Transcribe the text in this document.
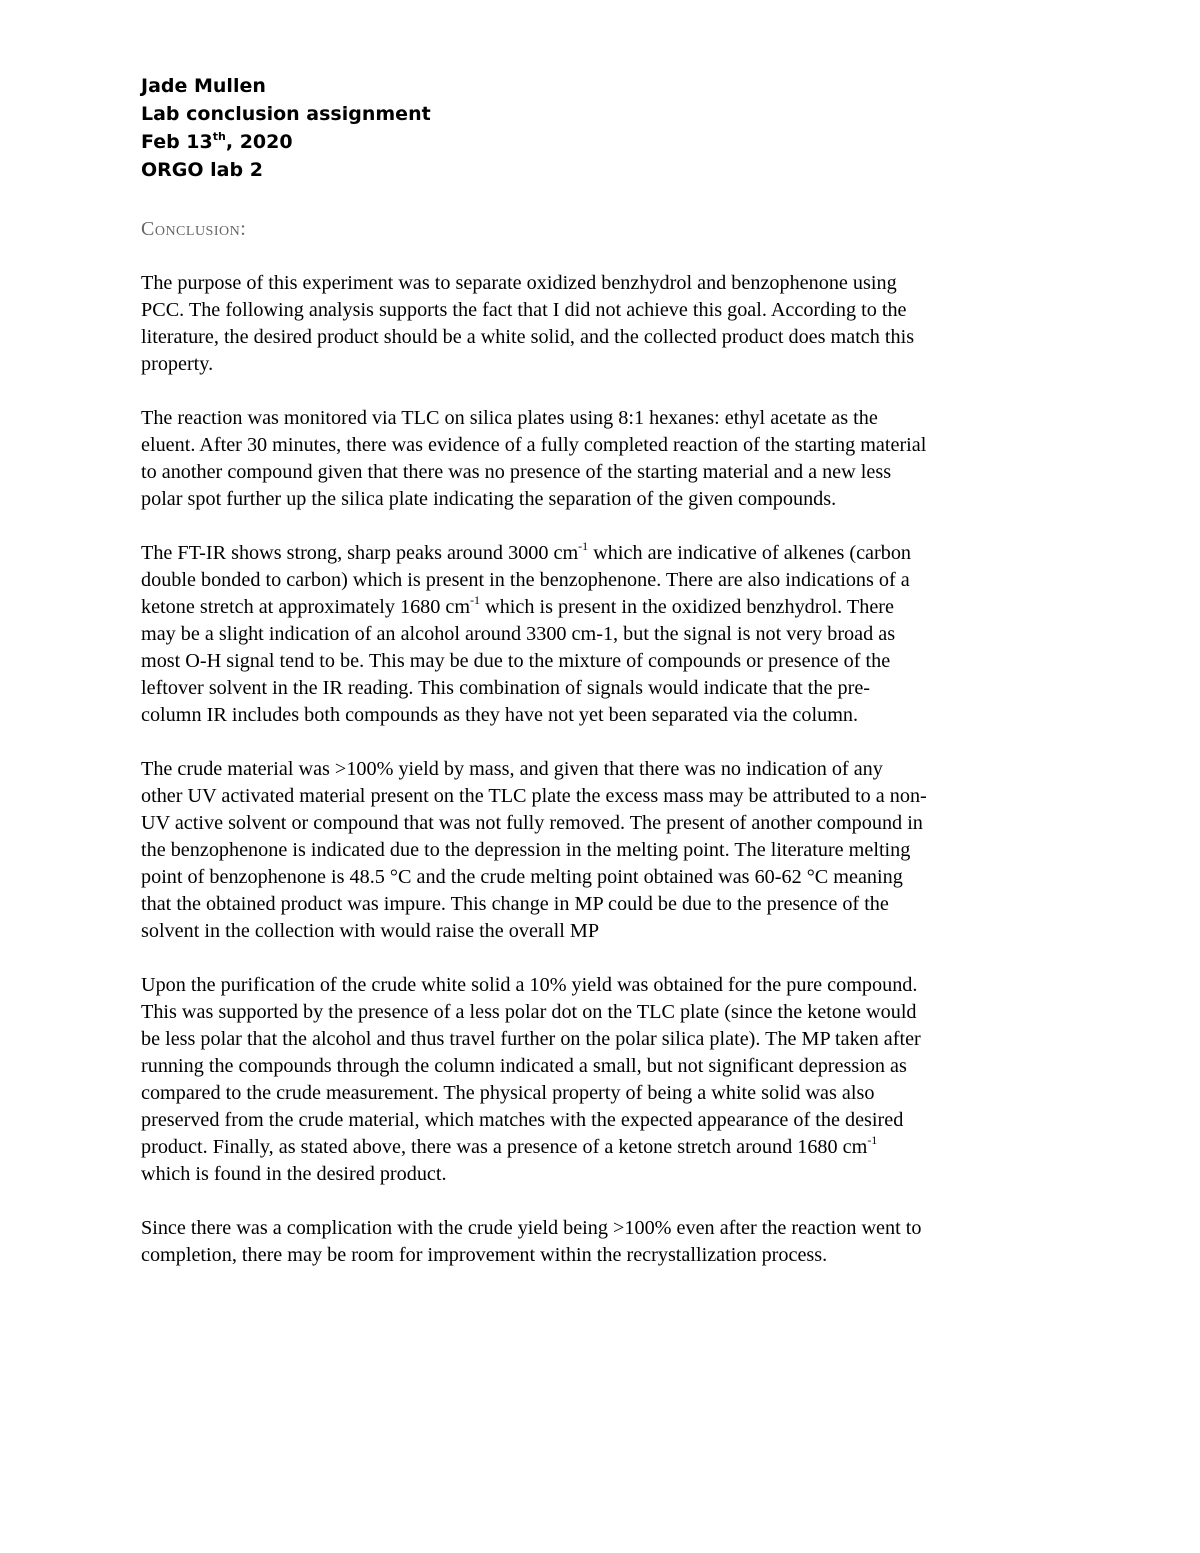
Jade Mullen
Lab conclusion assignment
Feb 13th, 2020
ORGO lab 2
Conclusion:

The purpose of this experiment was to separate oxidized benzhydrol and benzophenone using
PCC. The following analysis supports the fact that I did not achieve this goal. According to the
literature, the desired product should be a white solid, and the collected product does match this
property.

The reaction was monitored via TLC on silica plates using 8:1 hexanes: ethyl acetate as the
eluent. After 30 minutes, there was evidence of a fully completed reaction of the starting material
to another compound given that there was no presence of the starting material and a new less
polar spot further up the silica plate indicating the separation of the given compounds.

The FT-IR shows strong, sharp peaks around 3000 $cm^{-1}$ which are indicative of alkenes (carbon
double bonded to carbon) which is present in the benzophenone. There are also indications of a
ketone stretch at approximately 1680 $cm^{-1}$ which is present in the oxidized benzhydrol. There
may be a slight indication of an alcohol around 3300 cm-1, but the signal is not very broad as
most O-H signal tend to be. This may be due to the mixture of compounds or presence of the
leftover solvent in the IR reading. This combination of signals would indicate that the pre-
column IR includes both compounds as they have not yet been separated via the column.

The crude material was >100% yield by mass, and given that there was no indication of any
other UV activated material present on the TLC plate the excess mass may be attributed to a non-
UV active solvent or compound that was not fully removed. The present of another compound in
the benzophenone is indicated due to the depression in the melting point. The literature melting
point of benzophenone is 48.5 °C and the crude melting point obtained was 60-62 °C meaning
that the obtained product was impure. This change in MP could be due to the presence of the
solvent in the collection with would raise the overall MP

Upon the purification of the crude white solid a 10% yield was obtained for the pure compound.
This was supported by the presence of a less polar dot on the TLC plate (since the ketone would
be less polar that the alcohol and thus travel further on the polar silica plate). The MP taken after
running the compounds through the column indicated a small, but not significant depression as
compared to the crude measurement. The physical property of being a white solid was also
preserved from the crude material, which matches with the expected appearance of the desired
product. Finally, as stated above, there was a presence of a ketone stretch around 1680 $cm^{-1}$
which is found in the desired product.

Since there was a complication with the crude yield being >100% even after the reaction went to
completion, there may be room for improvement within the recrystallization process.
